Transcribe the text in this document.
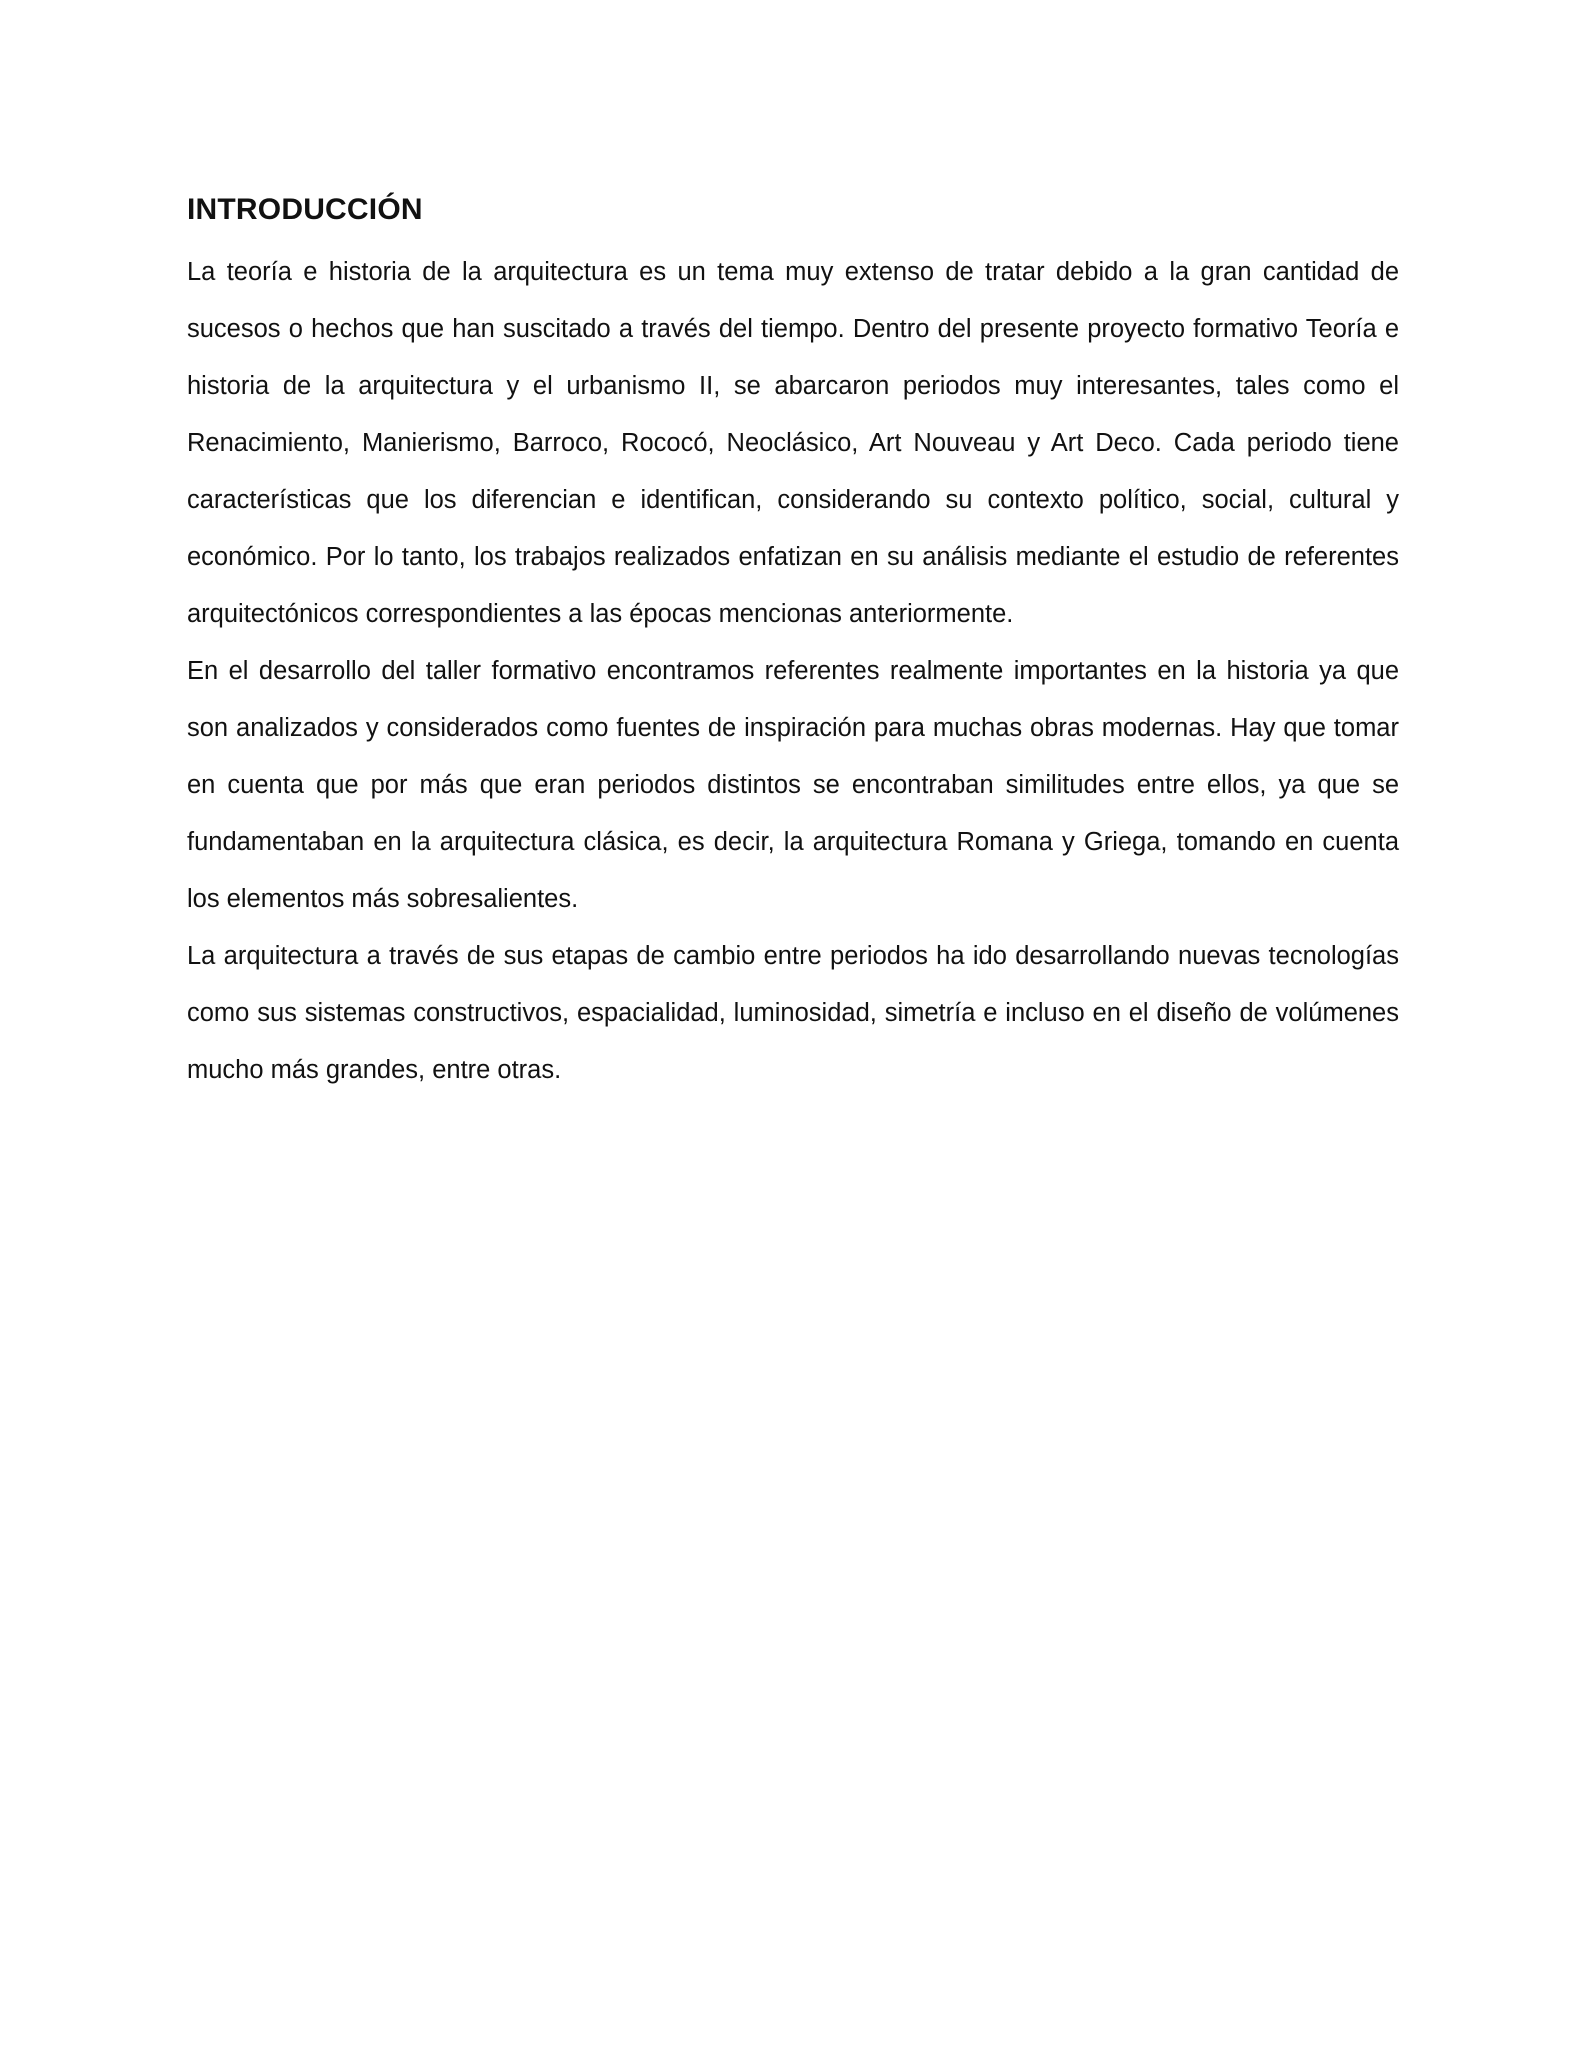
INTRODUCCIÓN

La teoría e historia de la arquitectura es un tema muy extenso de tratar debido a la gran cantidad de sucesos o hechos que han suscitado a través del tiempo. Dentro del presente proyecto formativo Teoría e historia de la arquitectura y el urbanismo II, se abarcaron periodos muy interesantes, tales como el Renacimiento, Manierismo, Barroco, Rococó, Neoclásico, Art Nouveau y Art Deco. Cada periodo tiene características que los diferencian e identifican, considerando su contexto político, social, cultural y económico. Por lo tanto, los trabajos realizados enfatizan en su análisis mediante el estudio de referentes arquitectónicos correspondientes a las épocas mencionas anteriormente.

En el desarrollo del taller formativo encontramos referentes realmente importantes en la historia ya que son analizados y considerados como fuentes de inspiración para muchas obras modernas. Hay que tomar en cuenta que por más que eran periodos distintos se encontraban similitudes entre ellos, ya que se fundamentaban en la arquitectura clásica, es decir, la arquitectura Romana y Griega, tomando en cuenta los elementos más sobresalientes.

La arquitectura a través de sus etapas de cambio entre periodos ha ido desarrollando nuevas tecnologías como sus sistemas constructivos, espacialidad, luminosidad, simetría e incluso en el diseño de volúmenes mucho más grandes, entre otras.
